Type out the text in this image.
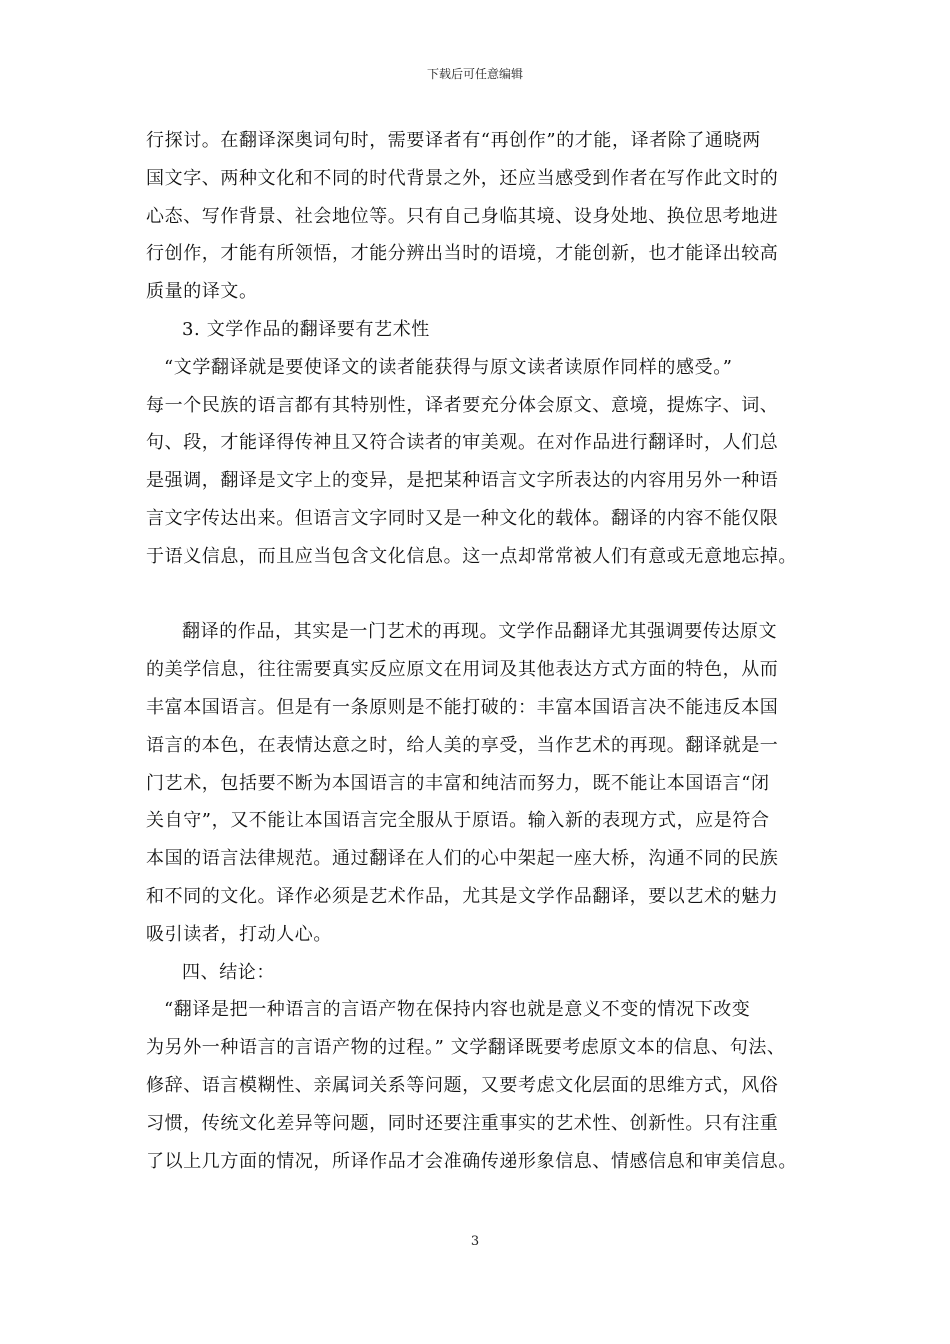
下载后可任意编辑
行探讨。在翻译深奥词句时，需要译者有“再创作”的才能，译者除了通晓两
国文字、两种文化和不同的时代背景之外，还应当感受到作者在写作此文时的
心态、写作背景、社会地位等。只有自己身临其境、设身处地、换位思考地进
行创作，才能有所领悟，才能分辨出当时的语境，才能创新，也才能译出较高
质量的译文。
3. 文学作品的翻译要有艺术性
“文学翻译就是要使译文的读者能获得与原文读者读原作同样的感受。”
每一个民族的语言都有其特别性，译者要充分体会原文、意境，提炼字、词、
句、段，才能译得传神且又符合读者的审美观。在对作品进行翻译时，人们总
是强调，翻译是文字上的变异，是把某种语言文字所表达的内容用另外一种语
言文字传达出来。但语言文字同时又是一种文化的载体。翻译的内容不能仅限
于语义信息，而且应当包含文化信息。这一点却常常被人们有意或无意地忘掉。
翻译的作品，其实是一门艺术的再现。文学作品翻译尤其强调要传达原文
的美学信息，往往需要真实反应原文在用词及其他表达方式方面的特色，从而
丰富本国语言。但是有一条原则是不能打破的：丰富本国语言决不能违反本国
语言的本色，在表情达意之时，给人美的享受，当作艺术的再现。翻译就是一
门艺术，包括要不断为本国语言的丰富和纯洁而努力，既不能让本国语言“闭
关自守”，又不能让本国语言完全服从于原语。输入新的表现方式，应是符合
本国的语言法律规范。通过翻译在人们的心中架起一座大桥，沟通不同的民族
和不同的文化。译作必须是艺术作品，尤其是文学作品翻译，要以艺术的魅力
吸引读者，打动人心。
四、结论：
“翻译是把一种语言的言语产物在保持内容也就是意义不变的情况下改变
为另外一种语言的言语产物的过程。” 文学翻译既要考虑原文本的信息、句法、
修辞、语言模糊性、亲属词关系等问题，又要考虑文化层面的思维方式，风俗
习惯，传统文化差异等问题，同时还要注重事实的艺术性、创新性。只有注重
了以上几方面的情况，所译作品才会准确传递形象信息、情感信息和审美信息。
3
